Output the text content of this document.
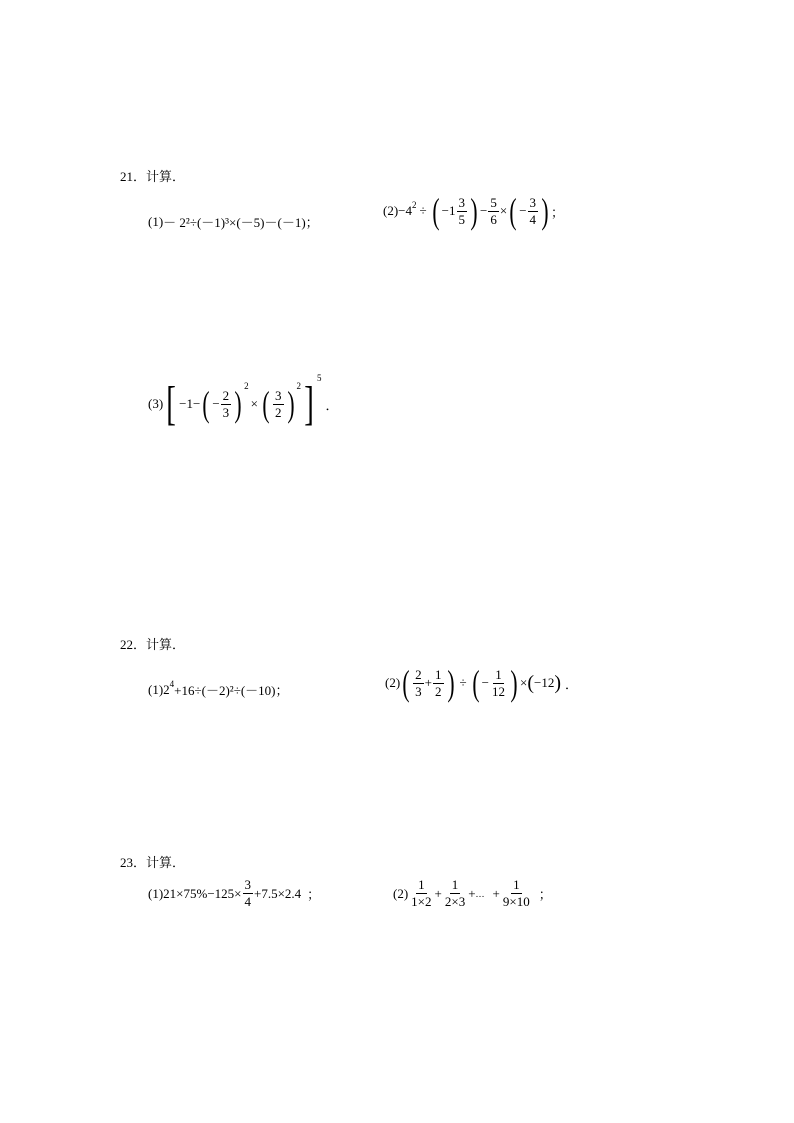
21．计算．
(1) － 2²÷(－1)³×(－5)－(－1)；
(2) −4 2 ÷ ( $-1 \frac{3}{5}$ ) − $\frac{5}{6}$ × ( − $\frac{3}{4}$ ) ；
(3) [ −1− ( − $\frac{2}{3}$ ) 2
× ( $\frac{3}{2}$ ) 2 ] 5
．
22．计算．
(1) 2 4 +16÷(－2)²÷(－10)；
(2) ( $\frac{2}{3} + \frac{1}{2}$ ) ÷ ( − $\frac{1}{12}$ ) × ( −12 ) ．
23．计算．
(1) $21\times 75\%-125\times \frac{3}{4} +7.5\times 2.4$ ；	$(2) \frac{1}{1\times 2} + \frac{1}{2\times 3}$ + … + $\frac{1}{9\times 10}$ ；
